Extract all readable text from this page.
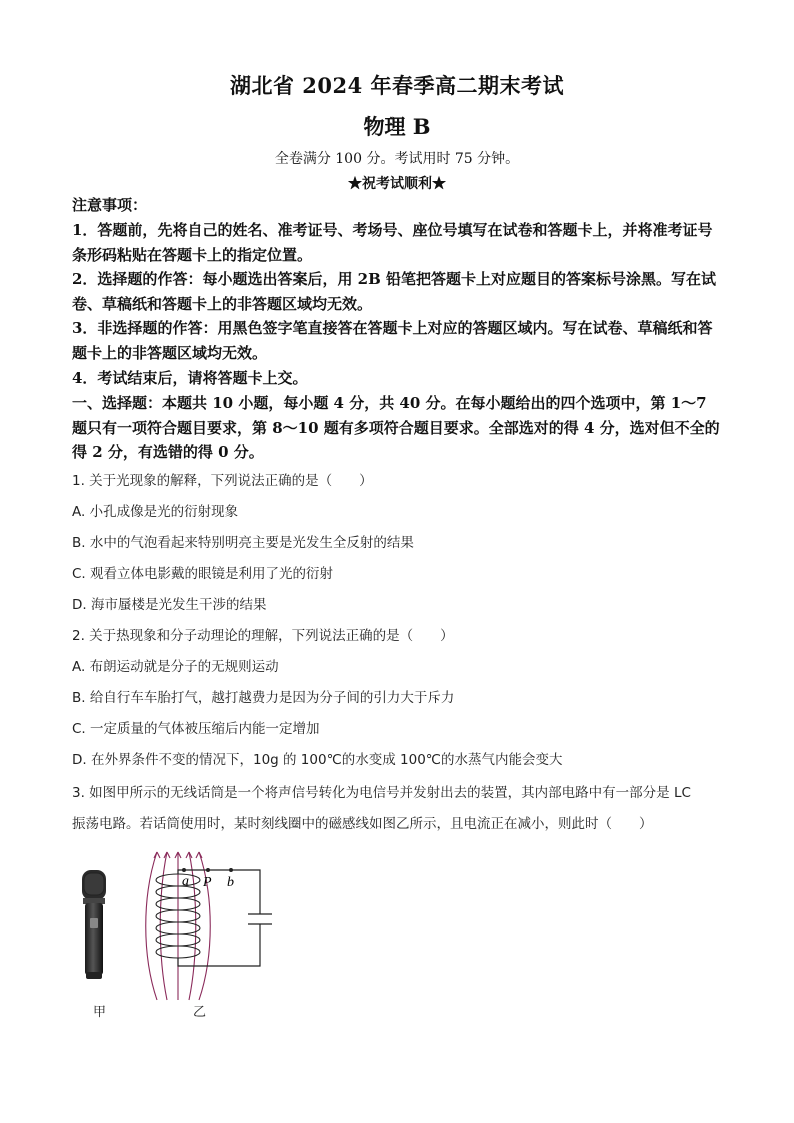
湖北省 2024 年春季高二期末考试
物理 B
全卷满分 100 分。考试用时 75 分钟。
★祝考试顺利★
注意事项：
1．答题前，先将自己的姓名、准考证号、考场号、座位号填写在试卷和答题卡上，并将准考证号条形码粘贴在答题卡上的指定位置。
2．选择题的作答：每小题选出答案后，用 2B 铅笔把答题卡上对应题目的答案标号涂黑。写在试卷、草稿纸和答题卡上的非答题区域均无效。
3．非选择题的作答：用黑色签字笔直接答在答题卡上对应的答题区域内。写在试卷、草稿纸和答题卡上的非答题区域均无效。
4．考试结束后，请将答题卡上交。
一、选择题：本题共 10 小题，每小题 4 分，共 40 分。在每小题给出的四个选项中，第 1～7 题只有一项符合题目要求，第 8～10 题有多项符合题目要求。全部选对的得 4 分，选对但不全的得 2 分，有选错的得 0 分。
1. 关于光现象的解释，下列说法正确的是（　　）
A. 小孔成像是光的衍射现象
B. 水中的气泡看起来特别明亮主要是光发生全反射的结果
C. 观看立体电影戴的眼镜是利用了光的衍射
D. 海市蜃楼是光发生干涉的结果
2. 关于热现象和分子动理论的理解，下列说法正确的是（　　）
A. 布朗运动就是分子的无规则运动
B. 给自行车车胎打气，越打越费力是因为分子间的引力大于斥力
C. 一定质量的气体被压缩后内能一定增加
D. 在外界条件不变的情况下，10g 的 100℃的水变成 100℃的水蒸气内能会变大
3. 如图甲所示的无线话筒是一个将声信号转化为电信号并发射出去的装置，其内部电路中有一部分是 LC
振荡电路。若话筒使用时，某时刻线圈中的磁感线如图乙所示，且电流正在减小，则此时（　　）
甲
a P b
乙
